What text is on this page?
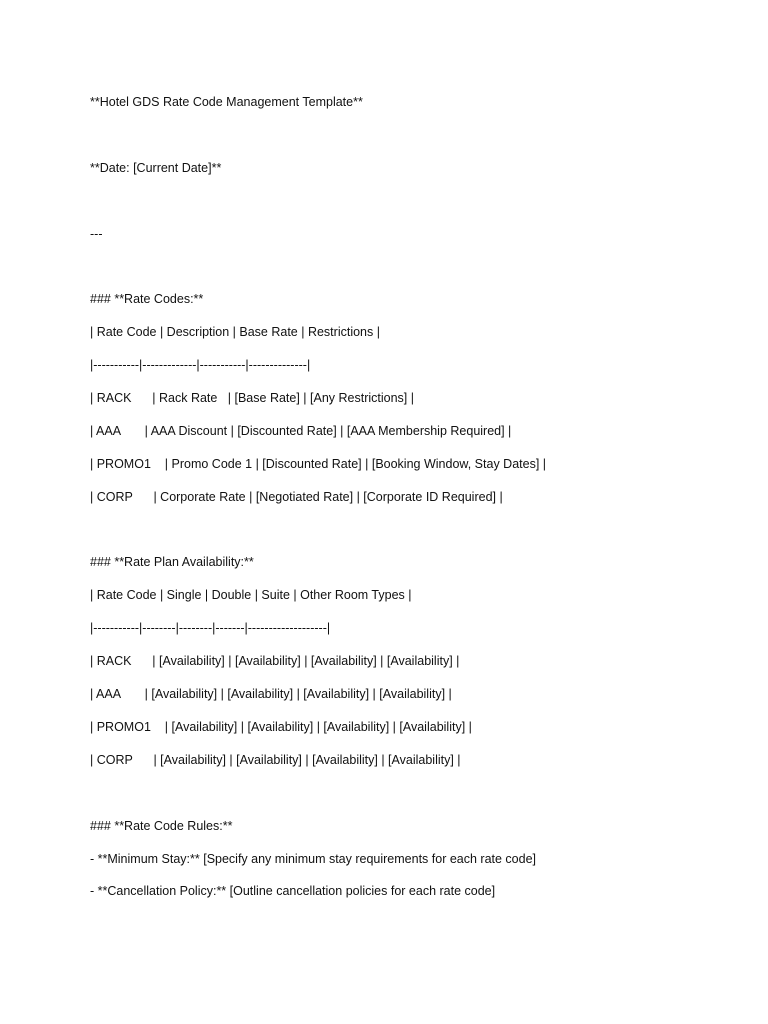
**Hotel GDS Rate Code Management Template**
**Date: [Current Date]**
---
### **Rate Codes:**
| Rate Code | Description | Base Rate | Restrictions |
|-----------|-------------|-----------|--------------|
| RACK      | Rack Rate   | [Base Rate] | [Any Restrictions] |
| AAA       | AAA Discount | [Discounted Rate] | [AAA Membership Required] |
| PROMO1    | Promo Code 1 | [Discounted Rate] | [Booking Window, Stay Dates] |
| CORP      | Corporate Rate | [Negotiated Rate] | [Corporate ID Required] |
### **Rate Plan Availability:**
| Rate Code | Single | Double | Suite | Other Room Types |
|-----------|--------|--------|-------|-------------------|
| RACK      | [Availability] | [Availability] | [Availability] | [Availability] |
| AAA       | [Availability] | [Availability] | [Availability] | [Availability] |
| PROMO1    | [Availability] | [Availability] | [Availability] | [Availability] |
| CORP      | [Availability] | [Availability] | [Availability] | [Availability] |
### **Rate Code Rules:**
- **Minimum Stay:** [Specify any minimum stay requirements for each rate code]
- **Cancellation Policy:** [Outline cancellation policies for each rate code]
